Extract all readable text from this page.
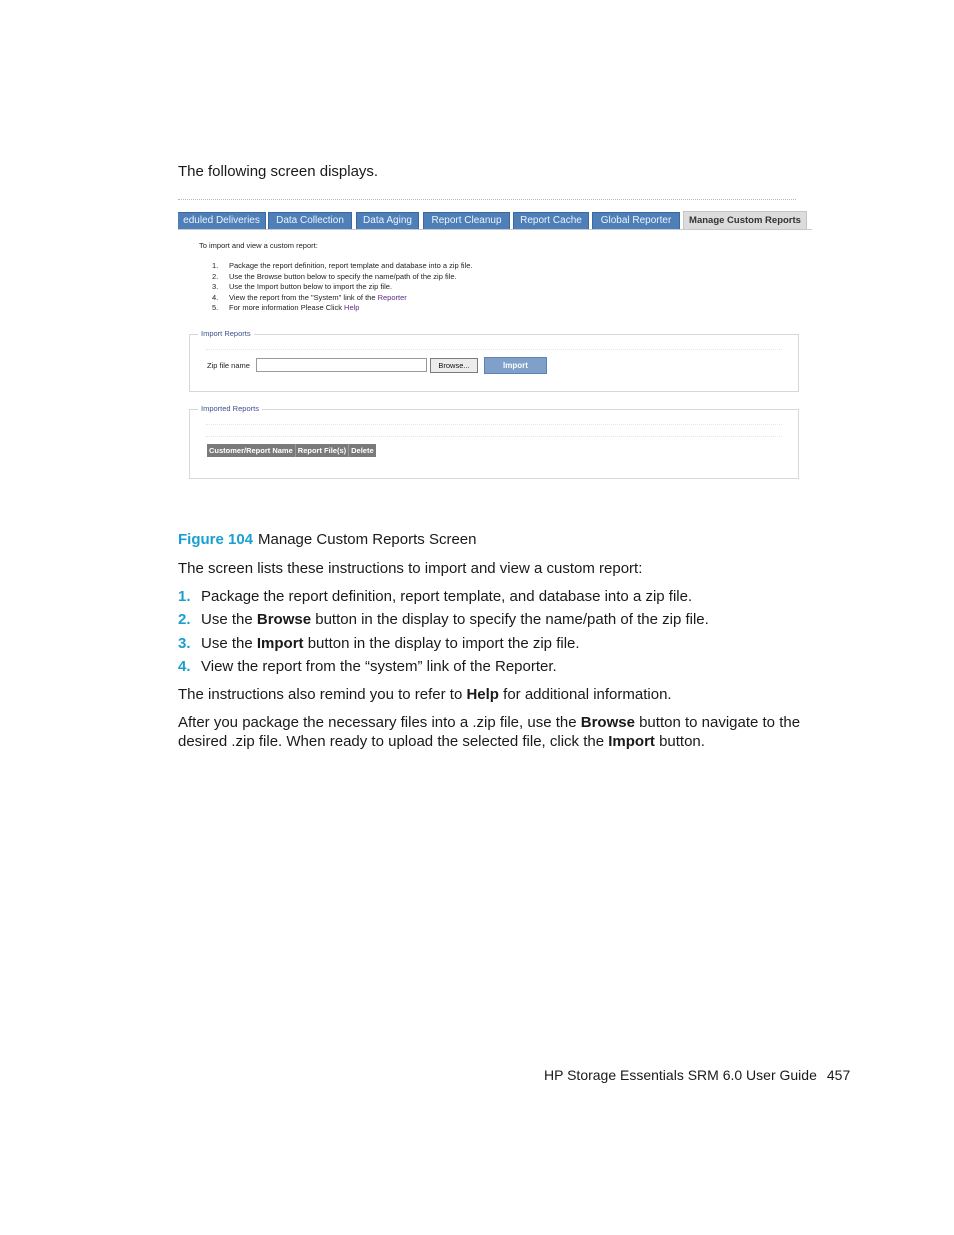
The following screen displays.
eduled Deliveries	Data Collection	Data Aging	Report Cleanup	Report Cache	Global Reporter	Manage Custom Reports
To import and view a custom report:
1. Package the report definition, report template and database into a zip file.
2. Use the Browse button below to specify the name/path of the zip file.
3. Use the Import button below to import the zip file.
4. View the report from the "System" link of the Reporter
5. For more information Please Click Help
Import Reports
Zip file name	Browse...	Import
Imported Reports
Customer/Report Name Report File(s) Delete
Figure 104 Manage Custom Reports Screen
The screen lists these instructions to import and view a custom report:
1. Package the report definition, report template, and database into a zip file.
2. Use the Browse button in the display to specify the name/path of the zip file.
3. Use the Import button in the display to import the zip file.
4. View the report from the “system” link of the Reporter.
The instructions also remind you to refer to Help for additional information.
After you package the necessary files into a .zip file, use the Browse button to navigate to the
desired .zip file. When ready to upload the selected file, click the Import button.
HP Storage Essentials SRM 6.0 User Guide 457
